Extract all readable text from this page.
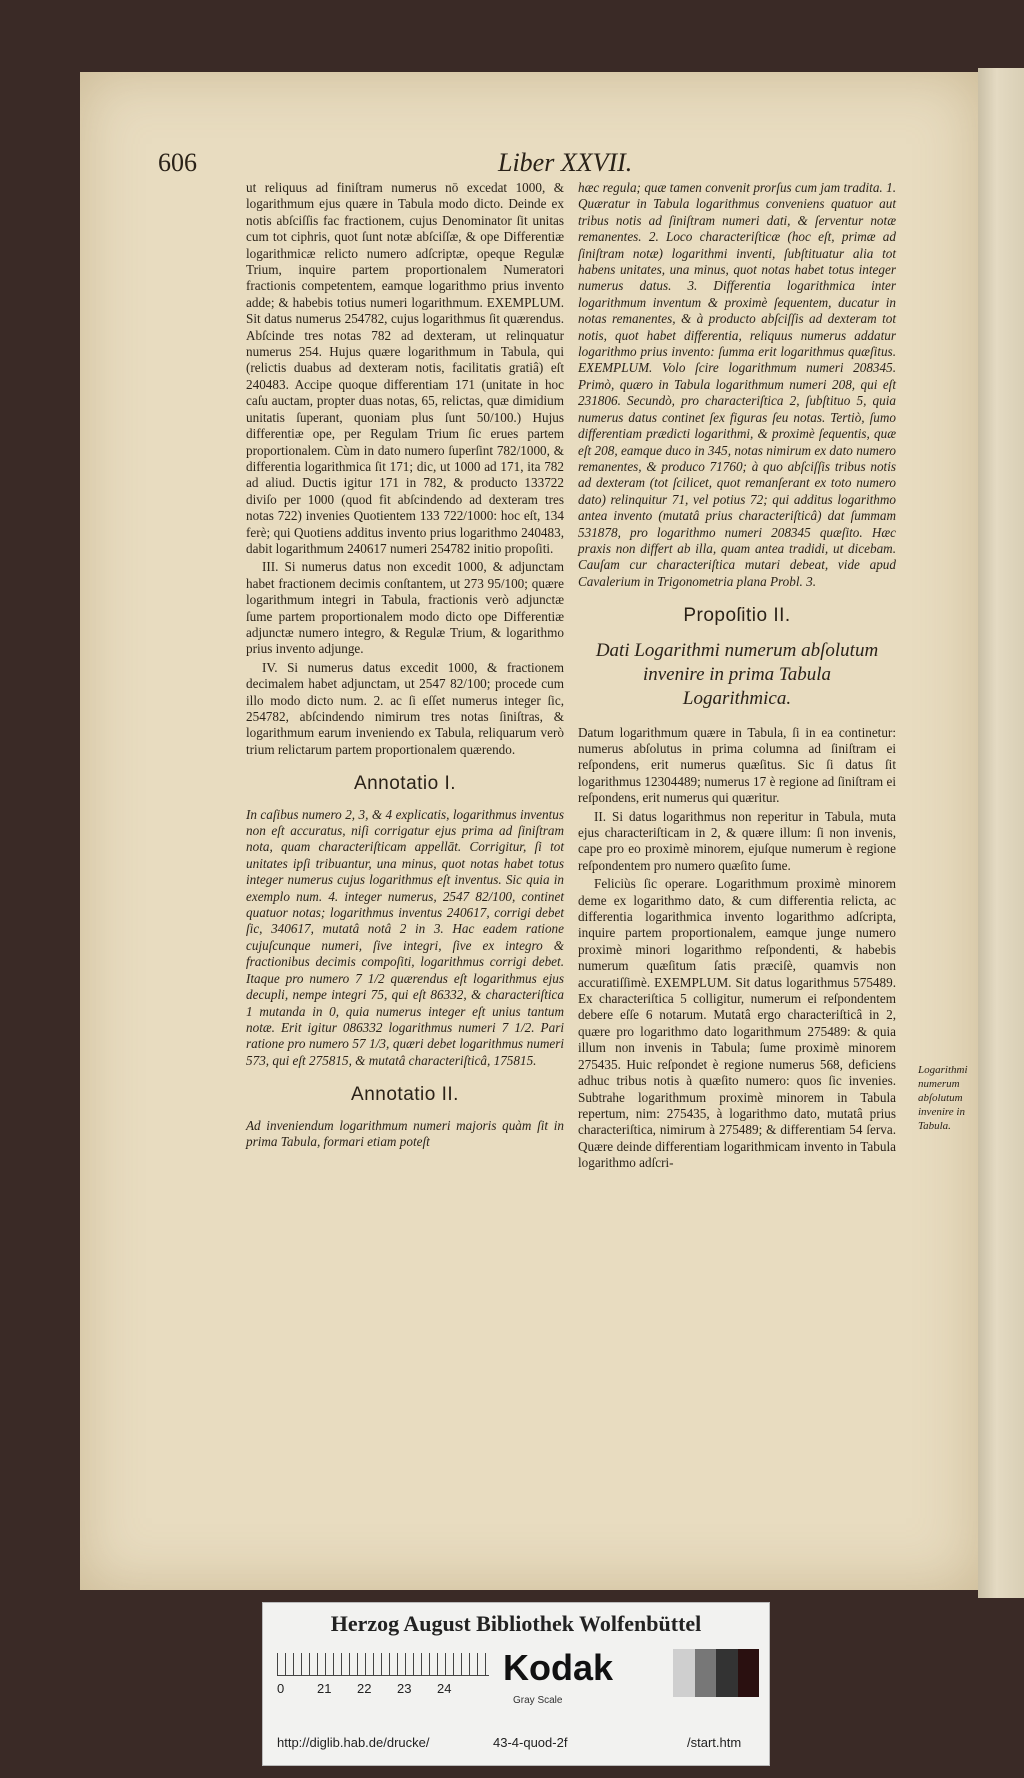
606	Liber XXVII.

ut reliquus ad finiſtram numerus nō excedat 1000, & logarithmum ejus quære in Tabula modo dicto. Deinde ex notis abſciſſis fac fractionem, cujus Denominator ſit unitas cum tot ciphris, quot ſunt notæ abſciſſæ, & ope Differentiæ logarithmicæ relicto numero adſcriptæ, opeque Regulæ Trium, inquire partem proportionalem Numeratori fractionis competentem, eamque logarithmo prius invento adde; & habebis totius numeri logarithmum. EXEMPLUM. Sit datus numerus 254782, cujus logarithmus ſit quærendus. Abſcinde tres notas 782 ad dexteram, ut relinquatur numerus 254. Hujus quære logarithmum in Tabula, qui (relictis duabus ad dexteram notis, facilitatis gratiâ) eſt 240483. Accipe quoque differentiam 171 (unitate in hoc caſu auctam, propter duas notas, 65, relictas, quæ dimidium unitatis ſuperant, quoniam plus ſunt 50/100.) Hujus differentiæ ope, per Regulam Trium ſic erues partem proportionalem. Cùm in dato numero ſuperſint 782/1000, & differentia logarithmica ſit 171; dic, ut 1000 ad 171, ita 782 ad aliud. Ductis igitur 171 in 782, & producto 133722 diviſo per 1000 (quod fit abſcindendo ad dexteram tres notas 722) invenies Quotientem 133 722/1000: hoc eſt, 134 ferè; qui Quotiens additus invento prius logarithmo 240483, dabit logarithmum 240617 numeri 254782 initio propoſiti.

III. Si numerus datus non excedit 1000, & adjunctam habet fractionem decimis conſtantem, ut 273 95/100; quære logarithmum integri in Tabula, fractionis verò adjunctæ ſume partem proportionalem modo dicto ope Differentiæ adjunctæ numero integro, & Regulæ Trium, & logarithmo prius invento adjunge.

IV. Si numerus datus excedit 1000, & fractionem decimalem habet adjunctam, ut 2547 82/100; procede cum illo modo dicto num. 2. ac ſi eſſet numerus integer ſic, 254782, abſcindendo nimirum tres notas ſiniſtras, & logarithmum earum inveniendo ex Tabula, reliquarum verò trium relictarum partem proportionalem quærendo.

Annotatio I.

In caſibus numero 2, 3, & 4 explicatis, logarithmus inventus non eſt accuratus, niſi corrigatur ejus prima ad ſiniſtram nota, quam characteriſticam appellāt. Corrigitur, ſi tot unitates ipſi tribuantur, una minus, quot notas habet totus integer numerus cujus logarithmus eſt inventus. Sic quia in exemplo num. 4. integer numerus, 2547 82/100, continet quatuor notas; logarithmus inventus 240617, corrigi debet ſic, 340617, mutatâ notâ 2 in 3. Hac eadem ratione cujuſcunque numeri, ſive integri, ſive ex integro & fractionibus decimis compoſiti, logarithmus corrigi debet. Itaque pro numero 7 1/2 quærendus eſt logarithmus ejus decupli, nempe integri 75, qui eſt 86332, & characteriſtica 1 mutanda in 0, quia numerus integer eſt unius tantum notæ. Erit igitur 086332 logarithmus numeri 7 1/2. Pari ratione pro numero 57 1/3, quæri debet logarithmus numeri 573, qui eſt 275815, & mutatâ characteriſticâ, 175815.

Annotatio II.

Ad inveniendum logarithmum numeri majoris quàm ſit in prima Tabula, formari etiam poteſt

hæc regula; quæ tamen convenit prorſus cum jam tradita. 1. Quæratur in Tabula logarithmus conveniens quatuor aut tribus notis ad ſiniſtram numeri dati, & ſerventur notæ remanentes. 2. Loco characteriſticæ (hoc eſt, primæ ad ſiniſtram notæ) logarithmi inventi, ſubſtituatur alia tot habens unitates, una minus, quot notas habet totus integer numerus datus. 3. Differentia logarithmica inter logarithmum inventum & proximè ſequentem, ducatur in notas remanentes, & à producto abſciſſis ad dexteram tot notis, quot habet differentia, reliquus numerus addatur logarithmo prius invento: ſumma erit logarithmus quæſitus. EXEMPLUM. Volo ſcire logarithmum numeri 208345. Primò, quæro in Tabula logarithmum numeri 208, qui eſt 231806. Secundò, pro characteriſtica 2, ſubſtituo 5, quia numerus datus continet ſex figuras ſeu notas. Tertiò, ſumo differentiam prædicti logarithmi, & proximè ſequentis, quæ eſt 208, eamque duco in 345, notas nimirum ex dato numero remanentes, & produco 71760; à quo abſciſſis tribus notis ad dexteram (tot ſcilicet, quot remanſerant ex toto numero dato) relinquitur 71, vel potius 72; qui additus logarithmo antea invento (mutatâ prius characteriſticâ) dat ſummam 531878, pro logarithmo numeri 208345 quæſito. Hæc praxis non differt ab illa, quam antea tradidi, ut dicebam. Cauſam cur characteriſtica mutari debeat, vide apud Cavalerium in Trigonometria plana Probl. 3.

Propoſitio II.
Dati Logarithmi numerum abſolutum invenire in prima Tabula Logarithmica.

Datum logarithmum quære in Tabula, ſi in ea continetur: numerus abſolutus in prima columna ad ſiniſtram ei reſpondens, erit numerus quæſitus. Sic ſi datus ſit logarithmus 12304489; numerus 17 è regione ad ſiniſtram ei reſpondens, erit numerus qui quæritur.

II. Si datus logarithmus non reperitur in Tabula, muta ejus characteriſticam in 2, & quære illum: ſi non invenis, cape pro eo proximè minorem, ejuſque numerum è regione reſpondentem pro numero quæſito ſume.

Feliciùs ſic operare. Logarithmum proximè minorem deme ex logarithmo dato, & cum differentia relicta, ac differentia logarithmica invento logarithmo adſcripta, inquire partem proportionalem, eamque junge numero proximè minori logarithmo reſpondenti, & habebis numerum quæſitum ſatis præciſè, quamvis non accuratiſſimè. EXEMPLUM. Sit datus logarithmus 575489. Ex characteriſtica 5 colligitur, numerum ei reſpondentem debere eſſe 6 notarum. Mutatâ ergo characteriſticâ in 2, quære pro logarithmo dato logarithmum 275489: & quia illum non invenis in Tabula; ſume proximè minorem 275435. Huic reſpondet è regione numerus 568, deficiens adhuc tribus notis à quæſito numero: quos ſic invenies. Subtrahe logarithmum proximè minorem in Tabula repertum, nim: 275435, à logarithmo dato, mutatâ prius characteriſtica, nimirum à 275489; & differentiam 54 ſerva. Quære deinde differentiam logarithmicam invento in Tabula logarithmo adſcri-

Logarithmi numerum abſolutum invenire in Tabula.
Herzog August Bibliothek Wolfenbüttel
0	21 22 23 24
Kodak
Gray Scale
http://diglib.hab.de/drucke/	43-4-quod-2f	/start.htm
